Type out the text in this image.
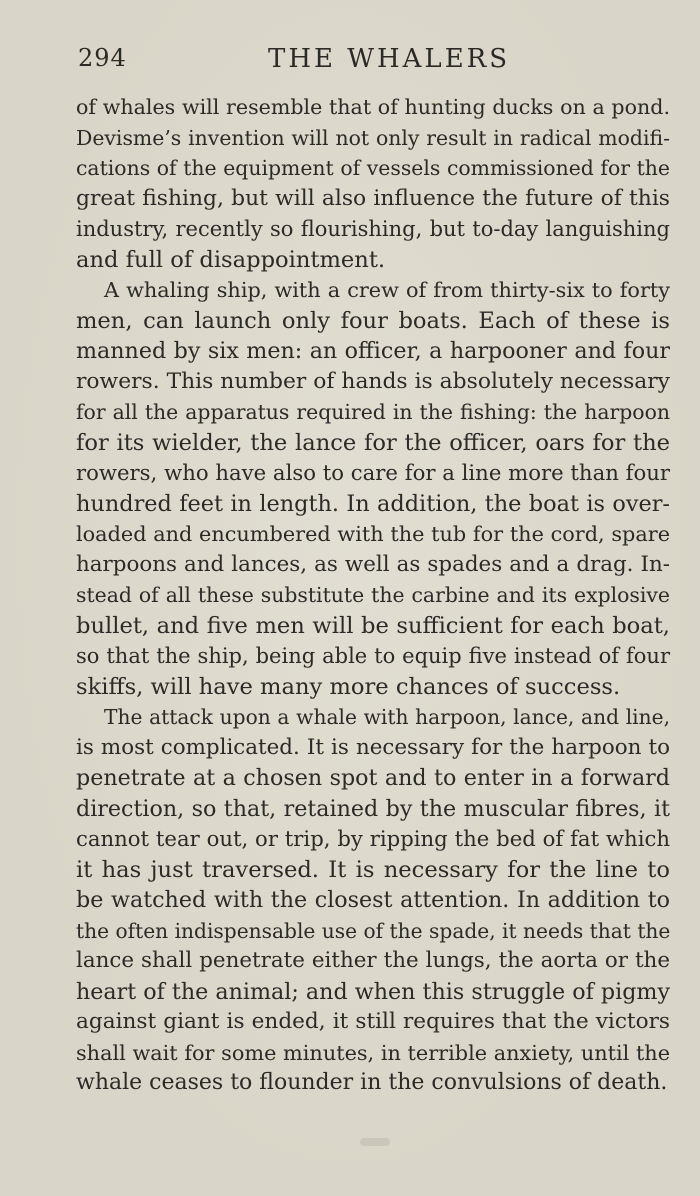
294	THE WHALERS
of whales will resemble that of hunting ducks on a pond.
Devisme’s invention will not only result in radical modifi-
cations of the equipment of vessels commissioned for the
great fishing, but will also influence the future of this
industry, recently so flourishing, but to-day languishing
and full of disappointment.
A whaling ship, with a crew of from thirty-six to forty
men, can launch only four boats. Each of these is
manned by six men: an officer, a harpooner and four
rowers. This number of hands is absolutely necessary
for all the apparatus required in the fishing: the harpoon
for its wielder, the lance for the officer, oars for the
rowers, who have also to care for a line more than four
hundred feet in length. In addition, the boat is over-
loaded and encumbered with the tub for the cord, spare
harpoons and lances, as well as spades and a drag. In-
stead of all these substitute the carbine and its explosive
bullet, and five men will be sufficient for each boat,
so that the ship, being able to equip five instead of four
skiffs, will have many more chances of success.
The attack upon a whale with harpoon, lance, and line,
is most complicated. It is necessary for the harpoon to
penetrate at a chosen spot and to enter in a forward
direction, so that, retained by the muscular fibres, it
cannot tear out, or trip, by ripping the bed of fat which
it has just traversed. It is necessary for the line to
be watched with the closest attention. In addition to
the often indispensable use of the spade, it needs that the
lance shall penetrate either the lungs, the aorta or the
heart of the animal; and when this struggle of pigmy
against giant is ended, it still requires that the victors
shall wait for some minutes, in terrible anxiety, until the
whale ceases to flounder in the convulsions of death.
